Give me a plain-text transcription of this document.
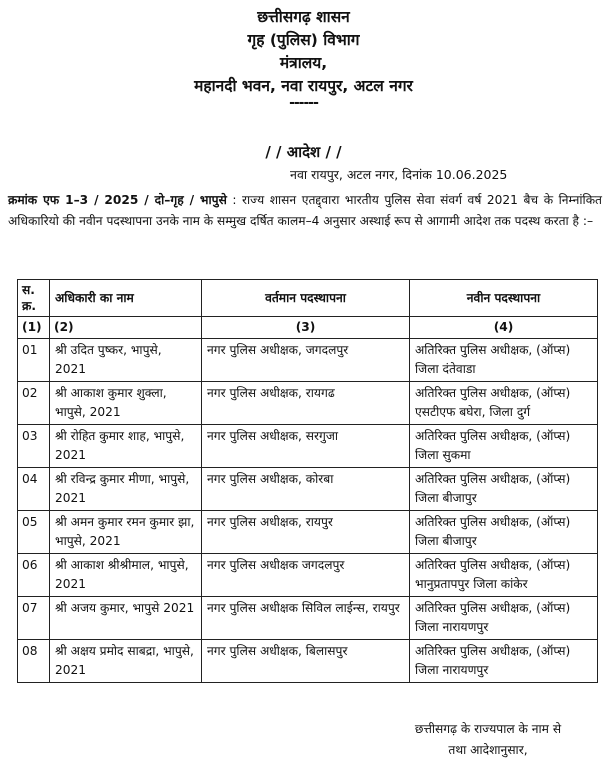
छत्तीसगढ़ शासन

गृह (पुलिस) विभाग

मंत्रालय,

महानदी भवन, नवा रायपुर, अटल नगर

------
/ / आदेश / /
नवा रायपुर, अटल नगर, दिनांक 10.06.2025
क्रमांक एफ 1–3 / 2025 / दो–गृह / भापुसे : राज्य शासन एतद्द्वारा भारतीय पुलिस सेवा संवर्ग वर्ष 2021 बैच के निम्नांकित अधिकारियो की नवीन पदस्थापना उनके नाम के सम्मुख दर्षित कालम–4 अनुसार अस्थाई रूप से आगामी आदेश तक पदस्थ करता है :–
स. क्र.	अधिकारी का नाम	वर्तमान पदस्थापना	नवीन पदस्थापना
(1)	(2)	(3)	(4)
01	श्री उदित पुष्कर, भापुसे, 2021	नगर पुलिस अधीक्षक, जगदलपुर	अतिरिक्त पुलिस अधीक्षक, (ऑप्स) जिला दंतेवाडा
02	श्री आकाश कुमार शुक्ला, भापुसे, 2021	नगर पुलिस अधीक्षक, रायगढ	अतिरिक्त पुलिस अधीक्षक, (ऑप्स) एसटीएफ बघेरा, जिला दुर्ग
03	श्री रोहित कुमार शाह, भापुसे, 2021	नगर पुलिस अधीक्षक, सरगुजा	अतिरिक्त पुलिस अधीक्षक, (ऑप्स) जिला सुकमा
04	श्री रविन्द्र कुमार मीणा, भापुसे, 2021	नगर पुलिस अधीक्षक, कोरबा	अतिरिक्त पुलिस अधीक्षक, (ऑप्स) जिला बीजापुर
05	श्री अमन कुमार रमन कुमार झा, भापुसे, 2021	नगर पुलिस अधीक्षक, रायपुर	अतिरिक्त पुलिस अधीक्षक, (ऑप्स) जिला बीजापुर
06	श्री आकाश श्रीश्रीमाल, भापुसे, 2021	नगर पुलिस अधीक्षक जगदलपुर	अतिरिक्त पुलिस अधीक्षक, (ऑप्स) भानुप्रतापपुर जिला कांकेर
07	श्री अजय कुमार, भापुसे 2021	नगर पुलिस अधीक्षक सिविल लाईन्स, रायपुर	अतिरिक्त पुलिस अधीक्षक, (ऑप्स) जिला नारायणपुर
08	श्री अक्षय प्रमोद साबद्रा, भापुसे, 2021	नगर पुलिस अधीक्षक, बिलासपुर	अतिरिक्त पुलिस अधीक्षक, (ऑप्स) जिला नारायणपुर
छत्तीसगढ़ के राज्यपाल के नाम से
तथा आदेशानुसार,
